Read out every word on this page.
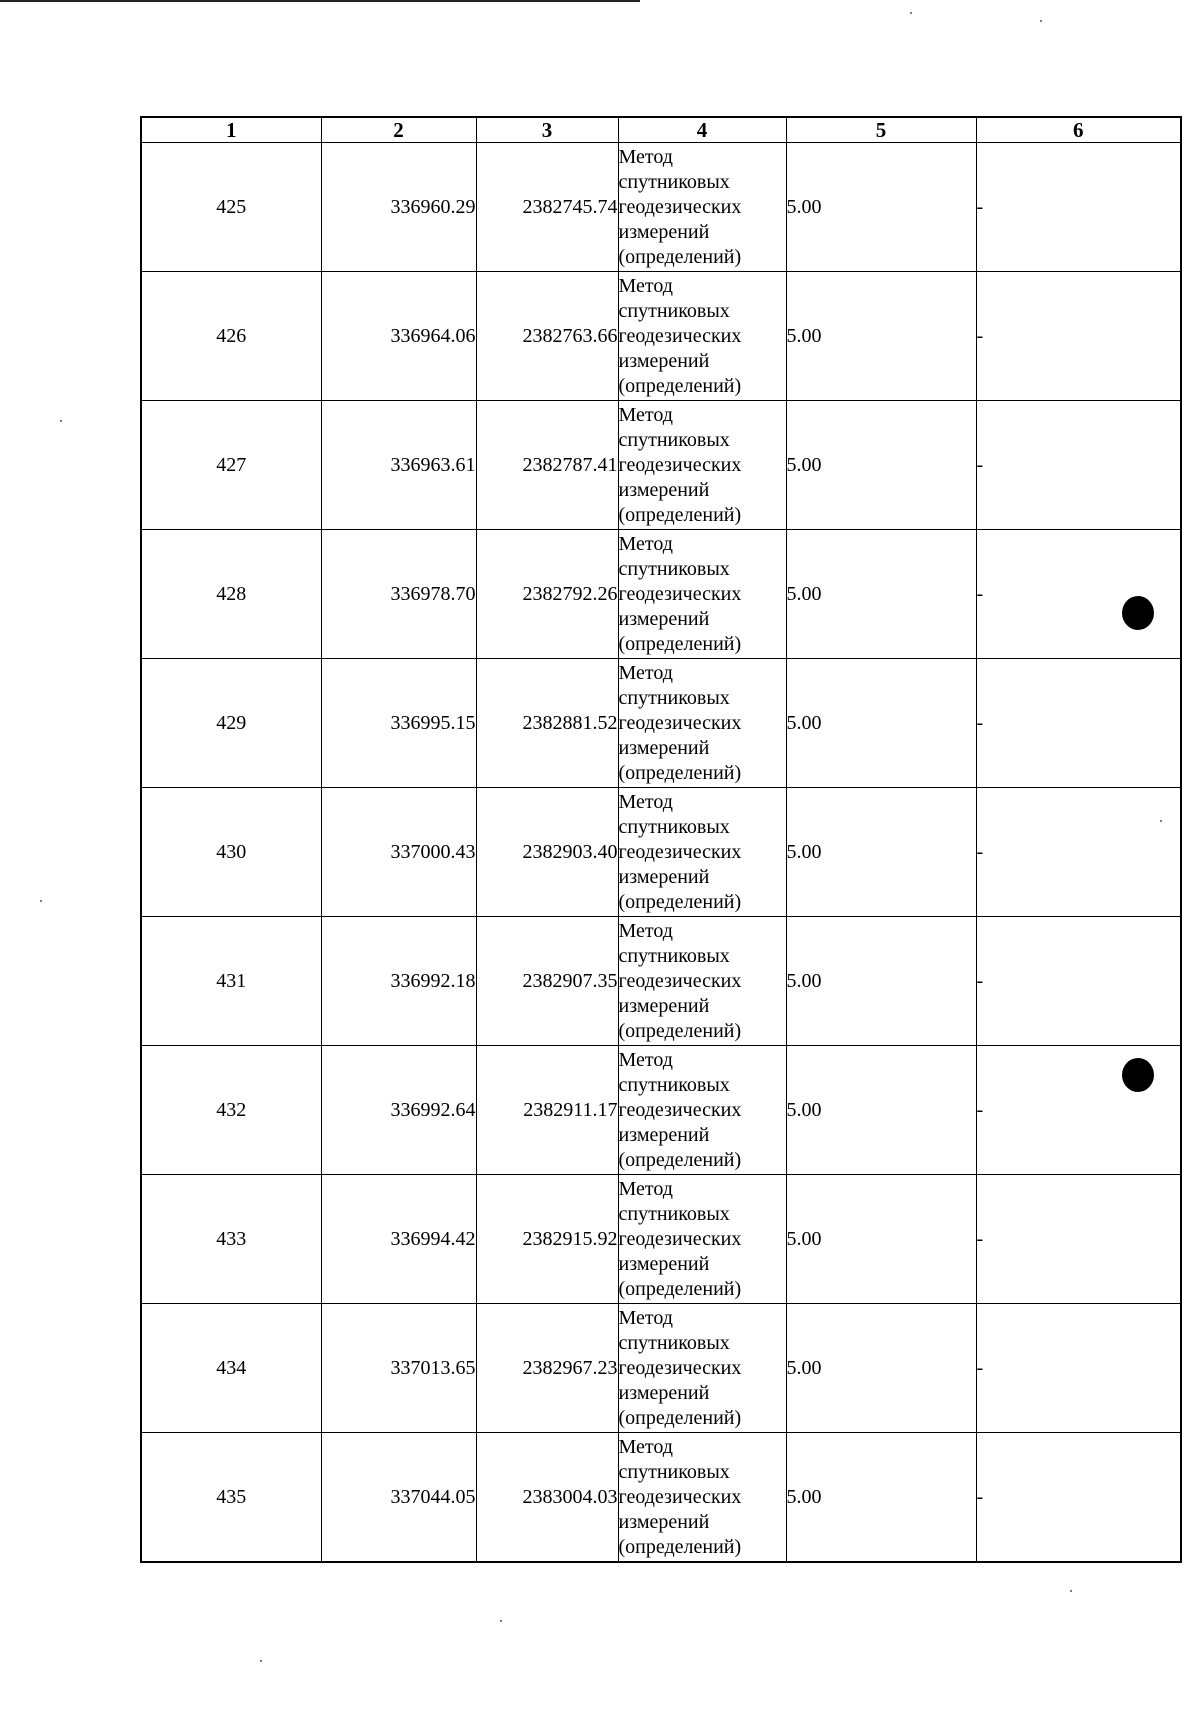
1	2	3	4	5	6
425	336960.29	2382745.74	Метод
спутниковых
геодезических
измерений
(определений)	5.00	-
426	336964.06	2382763.66	Метод
спутниковых
геодезических
измерений
(определений)	5.00	-
427	336963.61	2382787.41	Метод
спутниковых
геодезических
измерений
(определений)	5.00	-
428	336978.70	2382792.26	Метод
спутниковых
геодезических
измерений
(определений)	5.00	-
429	336995.15	2382881.52	Метод
спутниковых
геодезических
измерений
(определений)	5.00	-
430	337000.43	2382903.40	Метод
спутниковых
геодезических
измерений
(определений)	5.00	-
431	336992.18	2382907.35	Метод
спутниковых
геодезических
измерений
(определений)	5.00	-
432	336992.64	2382911.17	Метод
спутниковых
геодезических
измерений
(определений)	5.00	-
433	336994.42	2382915.92	Метод
спутниковых
геодезических
измерений
(определений)	5.00	-
434	337013.65	2382967.23	Метод
спутниковых
геодезических
измерений
(определений)	5.00	-
435	337044.05	2383004.03	Метод
спутниковых
геодезических
измерений
(определений)	5.00	-
